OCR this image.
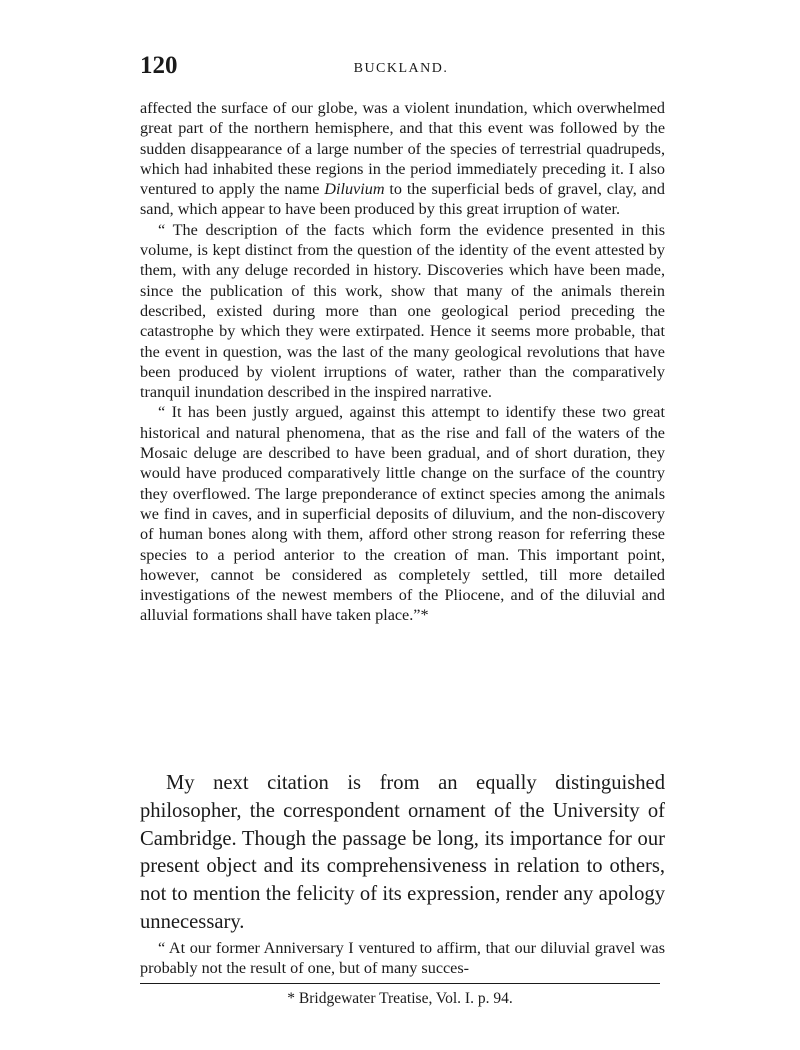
120	BUCKLAND.

affected the surface of our globe, was a violent inundation, which overwhelmed great part of the northern hemisphere, and that this event was followed by the sudden disappearance of a large number of the species of terrestrial quadrupeds, which had inhabited these regions in the period immediately preceding it. I also ventured to apply the name Diluvium to the superficial beds of gravel, clay, and sand, which appear to have been produced by this great irruption of water.

“ The description of the facts which form the evidence presented in this volume, is kept distinct from the question of the identity of the event attested by them, with any deluge recorded in history. Discoveries which have been made, since the publication of this work, show that many of the animals therein described, existed during more than one geological period preceding the catastrophe by which they were extirpated. Hence it seems more probable, that the event in question, was the last of the many geological revolutions that have been produced by violent irruptions of water, rather than the comparatively tranquil inundation described in the inspired narrative.

“ It has been justly argued, against this attempt to identify these two great historical and natural phenomena, that as the rise and fall of the waters of the Mosaic deluge are described to have been gradual, and of short duration, they would have produced comparatively little change on the surface of the country they overflowed. The large preponderance of extinct species among the animals we find in caves, and in superficial deposits of diluvium, and the non-discovery of human bones along with them, afford other strong reason for referring these species to a period anterior to the creation of man. This important point, however, cannot be considered as completely settled, till more detailed investigations of the newest members of the Pliocene, and of the diluvial and alluvial formations shall have taken place.”*

My next citation is from an equally distinguished philosopher, the correspondent ornament of the University of Cambridge. Though the passage be long, its importance for our present object and its comprehensiveness in relation to others, not to mention the felicity of its expression, render any apology unnecessary.

“ At our former Anniversary I ventured to affirm, that our diluvial gravel was probably not the result of one, but of many succes-

* Bridgewater Treatise, Vol. I. p. 94.
